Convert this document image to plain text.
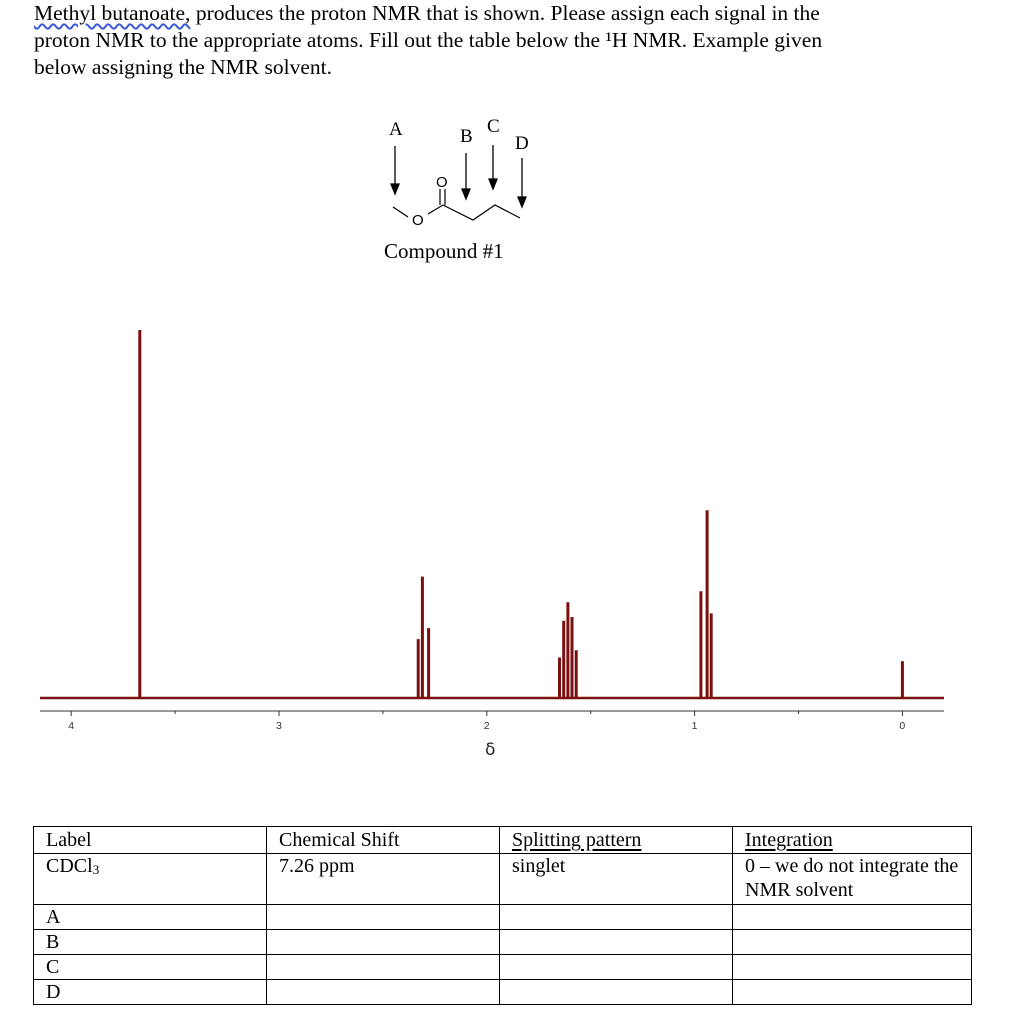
Methyl butanoate, produces the proton NMR that is shown. Please assign each signal in the
proton NMR to the appropriate atoms. Fill out the table below the ¹H NMR. Example given
below assigning the NMR solvent.
A	B C
D
O
O
Compound #1
4	3	2	1	0
δ
Label	Chemical Shift	Splitting pattern	Integration
CDCl$_3$	7.26 ppm	singlet	0 – we do not integrate the NMR solvent
A			
B			
C			
D			
